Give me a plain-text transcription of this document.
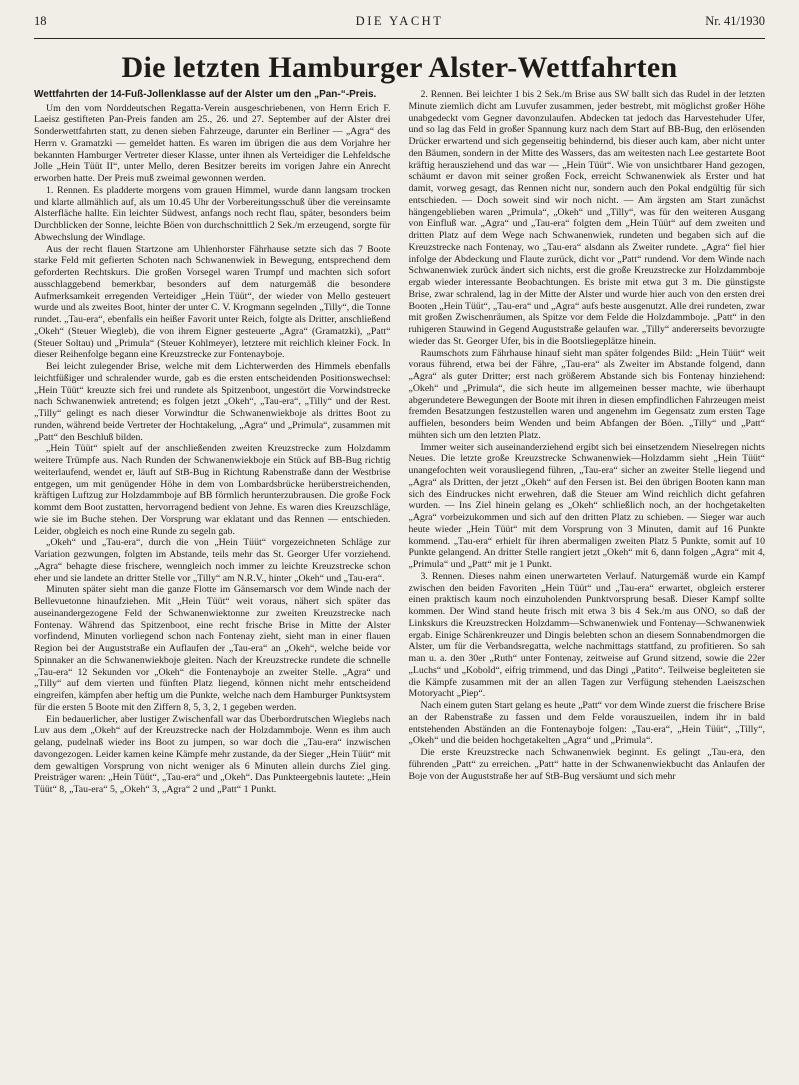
18	DIE YACHT	Nr. 41/1930
Die letzten Hamburger Alster-Wettfahrten
Wettfahrten der 14-Fuß-Jollenklasse auf der Alster um den „Pan-“-Preis.

Um den vom Norddeutschen Regatta-Verein ausgeschriebenen, von Herrn Erich F. Laeisz gestifteten Pan-Preis fanden am 25., 26. und 27. September auf der Alster drei Sonderwettfahrten statt, zu denen sieben Fahrzeuge, darunter ein Berliner — „Agra“ des Herrn v. Gramatzki — gemeldet hatten. Es waren im übrigen die aus dem Vorjahre her bekannten Hamburger Vertreter dieser Klasse, unter ihnen als Verteidiger die Lehfeldsche Jolle „Hein Tüüt II“, unter Mello, deren Besitzer bereits im vorigen Jahre ein Anrecht erworben hatte. Der Preis muß zweimal gewonnen werden.

1. Rennen. Es pladderte morgens vom grauen Himmel, wurde dann langsam trocken und klarte allmählich auf, als um 10.45 Uhr der Vorbereitungsschuß über die vereinsamte Alsterfläche hallte. Ein leichter Südwest, anfangs noch recht flau, später, besonders beim Durchblicken der Sonne, leichte Böen von durchschnittlich 2 Sek./m erzeugend, sorgte für Abwechslung der Windlage.

Aus der recht flauen Startzone am Uhlenhorster Fährhause setzte sich das 7 Boote starke Feld mit gefierten Schoten nach Schwanenwiek in Bewegung, entsprechend dem geforderten Rechtskurs. Die großen Vorsegel waren Trumpf und machten sich sofort ausschlaggebend bemerkbar, besonders auf dem naturgemäß die besondere Aufmerksamkeit erregenden Verteidiger „Hein Tüüt“, der wieder von Mello gesteuert wurde und als zweites Boot, hinter der unter C. V. Krogmann segelnden „Tilly“, die Tonne rundet. „Tau-era“, ebenfalls ein heißer Favorit unter Reich, folgte als Dritter, anschließend „Okeh“ (Steuer Wiegleb), die von ihrem Eigner gesteuerte „Agra“ (Gramatzki), „Patt“ (Steuer Soltau) und „Primula“ (Steuer Kohlmeyer), letztere mit reichlich kleiner Fock. In dieser Reihenfolge begann eine Kreuzstrecke zur Fontenayboje.

Bei leicht zulegender Brise, welche mit dem Lichterwerden des Himmels ebenfalls leichtfüßiger und schralender wurde, gab es die ersten entscheidenden Positionswechsel: „Hein Tüüt“ kreuzte sich frei und rundete als Spitzenboot, ungestört die Vorwindstrecke nach Schwanenwiek antretend; es folgen jetzt „Okeh“, „Tau-era“, „Tilly“ und der Rest. „Tilly“ gelingt es nach dieser Vorwindtur die Schwanenwiekboje als drittes Boot zu runden, während beide Vertreter der Hochtakelung, „Agra“ und „Primula“, zusammen mit „Patt“ den Beschluß bilden.

„Hein Tüüt“ spielt auf der anschließenden zweiten Kreuzstrecke zum Holzdamm weitere Trümpfe aus. Nach Runden der Schwanenwiekboje ein Stück auf BB-Bug richtig weiterlaufend, wendet er, läuft auf StB-Bug in Richtung Rabenstraße dann der Westbrise entgegen, um mit genügender Höhe in dem von Lombardsbrücke herüberstreichenden, kräftigen Luftzug zur Holzdammboje auf BB förmlich herunterzubrausen. Die große Fock kommt dem Boot zustatten, hervorragend bedient von Jehne. Es waren dies Kreuzschläge, wie sie im Buche stehen. Der Vorsprung war eklatant und das Rennen — entschieden. Leider, obgleich es noch eine Runde zu segeln gab.

„Okeh“ und „Tau-era“, durch die von „Hein Tüüt“ vorgezeichneten Schläge zur Variation gezwungen, folgten im Abstande, teils mehr das St. Georger Ufer vorziehend. „Agra“ behagte diese frischere, wenngleich noch immer zu leichte Kreuzstrecke schon eher und sie landete an dritter Stelle vor „Tilly“ am N.R.V., hinter „Okeh“ und „Tau-era“.

Minuten später sieht man die ganze Flotte im Gänsemarsch vor dem Winde nach der Bellevuetonne hinaufziehen. Mit „Hein Tüüt“ weit voraus, nähert sich später das auseinandergezogene Feld der Schwanenwiektonne zur zweiten Kreuzstrecke nach Fontenay. Während das Spitzenboot, eine recht frische Brise in Mitte der Alster vorfindend, Minuten vorliegend schon nach Fontenay zieht, sieht man in einer flauen Region bei der Auguststraße ein Auflaufen der „Tau-era“ an „Okeh“, welche beide vor Spinnaker an die Schwanenwiekboje gleiten. Nach der Kreuzstrecke rundete die schnelle „Tau-era“ 12 Sekunden vor „Okeh“ die Fontenayboje an zweiter Stelle. „Agra“ und „Tilly“ auf dem vierten und fünften Platz liegend, können nicht mehr entscheidend eingreifen, kämpfen aber heftig um die Punkte, welche nach dem Hamburger Punktsystem für die ersten 5 Boote mit den Ziffern 8, 5, 3, 2, 1 gegeben werden.

Ein bedauerlicher, aber lustiger Zwischenfall war das Überbordrutschen Wieglebs nach Luv aus dem „Okeh“ auf der Kreuzstrecke nach der Holzdammboje. Wenn es ihm auch gelang, pudelnaß wieder ins Boot zu jumpen, so war doch die „Tau-era“ inzwischen davongezogen. Leider kamen keine Kämpfe mehr zustande, da der Sieger „Hein Tüüt“ mit dem gewaltigen Vorsprung von nicht weniger als 6 Minuten allein durchs Ziel ging. Preisträger waren: „Hein Tüüt“, „Tau-era“ und „Okeh“. Das Punkteergebnis lautete: „Hein Tüüt“ 8, „Tau-era“ 5, „Okeh“ 3, „Agra“ 2 und „Patt“ 1 Punkt.

2. Rennen. Bei leichter 1 bis 2 Sek./m Brise aus SW ballt sich das Rudel in der letzten Minute ziemlich dicht am Luvufer zusammen, jeder bestrebt, mit möglichst großer Höhe unabgedeckt vom Gegner davonzulaufen. Abdecken tat jedoch das Harvestehuder Ufer, und so lag das Feld in großer Spannung kurz nach dem Start auf BB-Bug, den erlösenden Drücker erwartend und sich gegenseitig behindernd, bis dieser auch kam, aber nicht unter den Bäumen, sondern in der Mitte des Wassers, das am weitesten nach Lee gestartete Boot kräftig herausziehend und das war — „Hein Tüüt“. Wie von unsichtbarer Hand gezogen, schäumt er davon mit seiner großen Fock, erreicht Schwanenwiek als Erster und hat damit, vorweg gesagt, das Rennen nicht nur, sondern auch den Pokal endgültig für sich entschieden. — Doch soweit sind wir noch nicht. — Am ärgsten am Start zunächst hängengeblieben waren „Primula“, „Okeh“ und „Tilly“, was für den weiteren Ausgang von Einfluß war. „Agra“ und „Tau-era“ folgten dem „Hein Tüüt“ auf dem zweiten und dritten Platz auf dem Wege nach Schwanenwiek, rundeten und begaben sich auf die Kreuzstrecke nach Fontenay, wo „Tau-era“ alsdann als Zweiter rundete. „Agra“ fiel hier infolge der Abdeckung und Flaute zurück, dicht vor „Patt“ rundend. Vor dem Winde nach Schwanenwiek zurück ändert sich nichts, erst die große Kreuzstrecke zur Holzdammboje ergab wieder interessante Beobachtungen. Es briste mit etwa gut 3 m. Die günstigste Brise, zwar schralend, lag in der Mitte der Alster und wurde hier auch von den ersten drei Booten „Hein Tüüt“, „Tau-era“ und „Agra“ aufs beste ausgenutzt. Alle drei rundeten, zwar mit großen Zwischenräumen, als Spitze vor dem Felde die Holzdammboje. „Patt“ in den ruhigeren Stauwind in Gegend Auguststraße gelaufen war. „Tilly“ andererseits bevorzugte wieder das St. Georger Ufer, bis in die Bootsliegeplätze hinein.

Raumschots zum Fährhause hinauf sieht man später folgendes Bild: „Hein Tüüt“ weit voraus führend, etwa bei der Fähre, „Tau-era“ als Zweiter im Abstande folgend, dann „Agra“ als guter Dritter; erst nach größerem Abstande sich bis Fontenay hinziehend: „Okeh“ und „Primula“, die sich heute im allgemeinen besser machte, wie überhaupt abgerundetere Bewegungen der Boote mit ihren in diesen empfindlichen Fahrzeugen meist fremden Besatzungen festzustellen waren und angenehm im Gegensatz zum ersten Tage auffielen, besonders beim Wenden und beim Abfangen der Böen. „Tilly“ und „Patt“ mühten sich um den letzten Platz.

Immer weiter sich auseinanderziehend ergibt sich bei einsetzendem Nieselregen nichts Neues. Die letzte große Kreuzstrecke Schwanenwiek—Holzdamm sieht „Hein Tüüt“ unangefochten weit vorausliegend führen, „Tau-era“ sicher an zweiter Stelle liegend und „Agra“ als Dritten, der jetzt „Okeh“ auf den Fersen ist. Bei den übrigen Booten kann man sich des Eindruckes nicht erwehren, daß die Steuer am Wind reichlich dicht gefahren wurden. — Ins Ziel hinein gelang es „Okeh“ schließlich noch, an der hochgetakelten „Agra“ vorbeizukommen und sich auf den dritten Platz zu schieben. — Sieger war auch heute wieder „Hein Tüüt“ mit dem Vorsprung von 3 Minuten, damit auf 16 Punkte kommend. „Tau-era“ erhielt für ihren abermaligen zweiten Platz 5 Punkte, somit auf 10 Punkte gelangend. An dritter Stelle rangiert jetzt „Okeh“ mit 6, dann folgen „Agra“ mit 4, „Primula“ und „Patt“ mit je 1 Punkt.

3. Rennen. Dieses nahm einen unerwarteten Verlauf. Naturgemäß wurde ein Kampf zwischen den beiden Favoriten „Hein Tüüt“ und „Tau-era“ erwartet, obgleich ersterer einen praktisch kaum noch einzuholenden Punktvorsprung besaß. Dieser Kampf sollte kommen. Der Wind stand heute frisch mit etwa 3 bis 4 Sek./m aus ONO, so daß der Linkskurs die Kreuzstrecken Holzdamm—Schwanenwiek und Fontenay—Schwanenwiek ergab. Einige Schärenkreuzer und Dingis belebten schon an diesem Sonnabendmorgen die Alster, um für die Verbandsregatta, welche nachmittags stattfand, zu profitieren. So sah man u. a. den 30er „Ruth“ unter Fontenay, zeitweise auf Grund sitzend, sowie die 22er „Luchs“ und „Kobold“, eifrig trimmend, und das Dingi „Patito“. Teilweise begleiteten sie die Kämpfe zusammen mit der an allen Tagen zur Verfügung stehenden Laeiszschen Motoryacht „Piep“.

Nach einem guten Start gelang es heute „Patt“ vor dem Winde zuerst die frischere Brise an der Rabenstraße zu fassen und dem Felde vorauszueilen, indem ihr in bald entstehenden Abständen an die Fontenayboje folgen: „Tau-era“, „Hein Tüüt“, „Tilly“, „Okeh“ und die beiden hochgetakelten „Agra“ und „Primula“.

Die erste Kreuzstrecke nach Schwanenwiek beginnt. Es gelingt „Tau-era, den führenden „Patt“ zu erreichen. „Patt“ hatte in der Schwanenwiekbucht das Anlaufen der Boje von der Auguststraße her auf StB-Bug versäumt und sich mehr
